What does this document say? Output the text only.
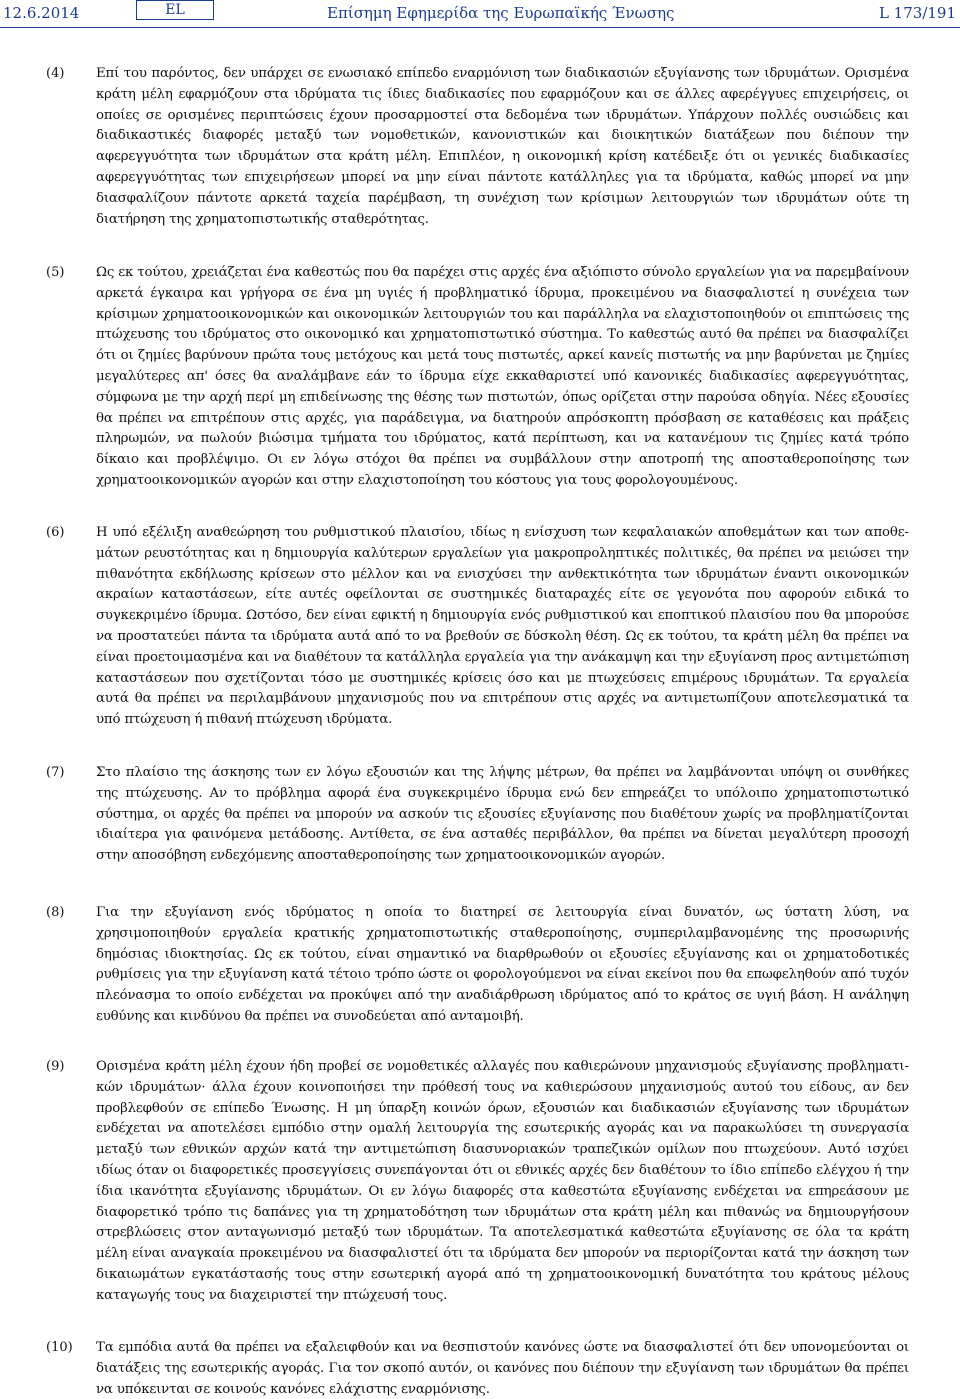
12.6.2014	EL	Επίσημη Εφημερίδα της Ευρωπαϊκής Ένωσης	L 173/191
(4) Επί του παρόντος, δεν υπάρχει σε ενωσιακό επίπεδο εναρμόνιση των διαδικασιών εξυγίανσης των ιδρυμάτων. Ορισμένα κράτη μέλη εφαρμόζουν στα ιδρύματα τις ίδιες διαδικασίες που εφαρμόζουν και σε άλλες αφερέγγυες επιχειρήσεις, οι οποίες σε ορισμένες περιπτώσεις έχουν προσαρμοστεί στα δεδομένα των ιδρυμάτων. Υπάρχουν πολλές ουσιώδεις και διαδικαστικές διαφορές μεταξύ των νομοθετικών, κανονιστικών και διοικητικών διατάξεων που διέπουν την αφερεγγυότητα των ιδρυμάτων στα κράτη μέλη. Επιπλέον, η οικονομική κρίση κατέδειξε ότι οι γενικές διαδικασίες αφερεγγυότητας των επιχειρήσεων μπορεί να μην είναι πάντοτε κατάλληλες για τα ιδρύματα, καθώς μπορεί να μην διασφαλίζουν πάντοτε αρκετά ταχεία παρέμβαση, τη συνέχιση των κρίσιμων λειτουργιών των ιδρυμάτων ούτε τη διατήρηση της χρηματοπιστωτικής σταθερότητας.

(5) Ως εκ τούτου, χρειάζεται ένα καθεστώς που θα παρέχει στις αρχές ένα αξιόπιστο σύνολο εργαλείων για να παρεμβαίνουν αρκετά έγκαιρα και γρήγορα σε ένα μη υγιές ή προβληματικό ίδρυμα, προκειμένου να διασφαλιστεί η συνέχεια των κρίσιμων χρηματοοικονομικών και οικονομικών λειτουργιών του και παράλληλα να ελαχιστοποιηθούν οι επιπτώσεις της πτώχευσης του ιδρύματος στο οικονομικό και χρηματοπιστωτικό σύστημα. Το καθεστώς αυτό θα πρέπει να διασφαλίζει ότι οι ζημίες βαρύνουν πρώτα τους μετόχους και μετά τους πιστωτές, αρκεί κανείς πιστωτής να μην βαρύνεται με ζημίες μεγαλύτερες απ' όσες θα αναλάμβανε εάν το ίδρυμα είχε εκκαθαριστεί υπό κανονικές διαδικασίες αφερεγγυότητας, σύμφωνα με την αρχή περί μη επιδείνωσης της θέσης των πιστωτών, όπως ορίζεται στην παρούσα οδηγία. Νέες εξουσίες θα πρέπει να επιτρέπουν στις αρχές, για παράδειγμα, να διατηρούν απρόσκοπτη πρόσβαση σε καταθέσεις και πράξεις πληρωμών, να πωλούν βιώσιμα τμήματα του ιδρύματος, κατά περίπτωση, και να κατανέμουν τις ζημίες κατά τρόπο δίκαιο και προβλέψιμο. Οι εν λόγω στόχοι θα πρέπει να συμβάλλουν στην αποτροπή της αποσταθεροποίησης των χρηματοοικονομικών αγορών και στην ελαχιστοποίηση του κόστους για τους φορολογουμένους.

(6) Η υπό εξέλιξη αναθεώρηση του ρυθμιστικού πλαισίου, ιδίως η ενίσχυση των κεφαλαιακών αποθεμάτων και των αποθεμάτων ρευστότητας και η δημιουργία καλύτερων εργαλείων για μακροπροληπτικές πολιτικές, θα πρέπει να μειώσει την πιθανότητα εκδήλωσης κρίσεων στο μέλλον και να ενισχύσει την ανθεκτικότητα των ιδρυμάτων έναντι οικονομικών ακραίων καταστάσεων, είτε αυτές οφείλονται σε συστημικές διαταραχές είτε σε γεγονότα που αφορούν ειδικά το συγκεκριμένο ίδρυμα. Ωστόσο, δεν είναι εφικτή η δημιουργία ενός ρυθμιστικού και εποπτικού πλαισίου που θα μπορούσε να προστατεύει πάντα τα ιδρύματα αυτά από το να βρεθούν σε δύσκολη θέση. Ως εκ τούτου, τα κράτη μέλη θα πρέπει να είναι προετοιμασμένα και να διαθέτουν τα κατάλληλα εργαλεία για την ανάκαμψη και την εξυγίανση προς αντιμετώπιση καταστάσεων που σχετίζονται τόσο με συστημικές κρίσεις όσο και με πτωχεύσεις επιμέρους ιδρυμάτων. Τα εργαλεία αυτά θα πρέπει να περιλαμβάνουν μηχανισμούς που να επιτρέπουν στις αρχές να αντιμετωπίζουν αποτελεσματικά τα υπό πτώχευση ή πιθανή πτώχευση ιδρύματα.

(7) Στο πλαίσιο της άσκησης των εν λόγω εξουσιών και της λήψης μέτρων, θα πρέπει να λαμβάνονται υπόψη οι συνθήκες της πτώχευσης. Αν το πρόβλημα αφορά ένα συγκεκριμένο ίδρυμα ενώ δεν επηρεάζει το υπόλοιπο χρηματοπιστωτικό σύστημα, οι αρχές θα πρέπει να μπορούν να ασκούν τις εξουσίες εξυγίανσης που διαθέτουν χωρίς να προβληματίζονται ιδιαίτερα για φαινόμενα μετάδοσης. Αντίθετα, σε ένα ασταθές περιβάλλον, θα πρέπει να δίνεται μεγαλύτερη προσοχή στην αποσόβηση ενδεχόμενης αποσταθεροποίησης των χρηματοοικονομικών αγορών.

(8) Για την εξυγίανση ενός ιδρύματος η οποία το διατηρεί σε λειτουργία είναι δυνατόν, ως ύστατη λύση, να χρησιμοποιηθούν εργαλεία κρατικής χρηματοπιστωτικής σταθεροποίησης, συμπεριλαμβανομένης της προσωρινής δημόσιας ιδιοκτησίας. Ως εκ τούτου, είναι σημαντικό να διαρθρωθούν οι εξουσίες εξυγίανσης και οι χρηματοδοτικές ρυθμίσεις για την εξυγίανση κατά τέτοιο τρόπο ώστε οι φορολογούμενοι να είναι εκείνοι που θα επωφεληθούν από τυχόν πλεόνασμα το οποίο ενδέχεται να προκύψει από την αναδιάρθρωση ιδρύματος από το κράτος σε υγιή βάση. Η ανάληψη ευθύνης και κινδύνου θα πρέπει να συνοδεύεται από ανταμοιβή.

(9) Ορισμένα κράτη μέλη έχουν ήδη προβεί σε νομοθετικές αλλαγές που καθιερώνουν μηχανισμούς εξυγίανσης προβληματικών ιδρυμάτων· άλλα έχουν κοινοποιήσει την πρόθεσή τους να καθιερώσουν μηχανισμούς αυτού του είδους, αν δεν προβλεφθούν σε επίπεδο Ένωσης. Η μη ύπαρξη κοινών όρων, εξουσιών και διαδικασιών εξυγίανσης των ιδρυμάτων ενδέχεται να αποτελέσει εμπόδιο στην ομαλή λειτουργία της εσωτερικής αγοράς και να παρακωλύσει τη συνεργασία μεταξύ των εθνικών αρχών κατά την αντιμετώπιση διασυνοριακών τραπεζικών ομίλων που πτωχεύουν. Αυτό ισχύει ιδίως όταν οι διαφορετικές προσεγγίσεις συνεπάγονται ότι οι εθνικές αρχές δεν διαθέτουν το ίδιο επίπεδο ελέγχου ή την ίδια ικανότητα εξυγίανσης ιδρυμάτων. Οι εν λόγω διαφορές στα καθεστώτα εξυγίανσης ενδέχεται να επηρεάσουν με διαφορετικό τρόπο τις δαπάνες για τη χρηματοδότηση των ιδρυμάτων στα κράτη μέλη και πιθανώς να δημιουργήσουν στρεβλώσεις στον ανταγωνισμό μεταξύ των ιδρυμάτων. Τα αποτελεσματικά καθεστώτα εξυγίανσης σε όλα τα κράτη μέλη είναι αναγκαία προκειμένου να διασφαλιστεί ότι τα ιδρύματα δεν μπορούν να περιορίζονται κατά την άσκηση των δικαιωμάτων εγκατάστασής τους στην εσωτερική αγορά από τη χρηματοοικονομική δυνατότητα του κράτους μέλους καταγωγής τους να διαχειριστεί την πτώχευσή τους.

(10) Τα εμπόδια αυτά θα πρέπει να εξαλειφθούν και να θεσπιστούν κανόνες ώστε να διασφαλιστεί ότι δεν υπονομεύονται οι διατάξεις της εσωτερικής αγοράς. Για τον σκοπό αυτόν, οι κανόνες που διέπουν την εξυγίανση των ιδρυμάτων θα πρέπει να υπόκεινται σε κοινούς κανόνες ελάχιστης εναρμόνισης.
